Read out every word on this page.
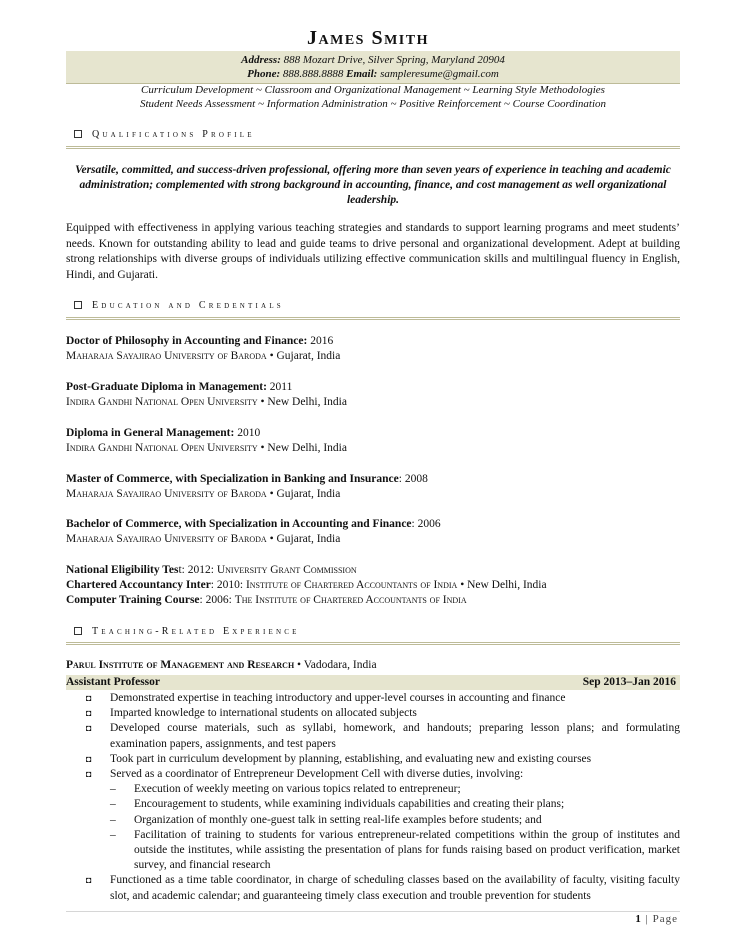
James Smith
Address: 888 Mozart Drive, Silver Spring, Maryland 20904
Phone: 888.888.8888 Email: sampleresume@gmail.com
Curriculum Development ~ Classroom and Organizational Management ~ Learning Style Methodologies
Student Needs Assessment ~ Information Administration ~ Positive Reinforcement ~ Course Coordination
Qualifications Profile
Versatile, committed, and success-driven professional, offering more than seven years of experience in teaching and academic administration; complemented with strong background in accounting, finance, and cost management as well organizational leadership.
Equipped with effectiveness in applying various teaching strategies and standards to support learning programs and meet students’ needs. Known for outstanding ability to lead and guide teams to drive personal and organizational development. Adept at building strong relationships with diverse groups of individuals utilizing effective communication skills and multilingual fluency in English, Hindi, and Gujarati.
Education and Credentials
Doctor of Philosophy in Accounting and Finance: 2016
Maharaja Sayajirao University of Baroda • Gujarat, India
Post-Graduate Diploma in Management: 2011
Indira Gandhi National Open University • New Delhi, India
Diploma in General Management: 2010
Indira Gandhi National Open University • New Delhi, India
Master of Commerce, with Specialization in Banking and Insurance: 2008
Maharaja Sayajirao University of Baroda • Gujarat, India
Bachelor of Commerce, with Specialization in Accounting and Finance: 2006
Maharaja Sayajirao University of Baroda • Gujarat, India
National Eligibility Test: 2012: University Grant Commission
Chartered Accountancy Inter: 2010: Institute of Chartered Accountants of India • New Delhi, India
Computer Training Course: 2006: The Institute of Chartered Accountants of India
Teaching-Related Experience
Parul Institute of Management and Research • Vadodara, India
Assistant Professor	Sep 2013–Jan 2016
◘ Demonstrated expertise in teaching introductory and upper-level courses in accounting and finance
◘ Imparted knowledge to international students on allocated subjects
◘ Developed course materials, such as syllabi, homework, and handouts; preparing lesson plans; and formulating examination papers, assignments, and test papers
◘ Took part in curriculum development by planning, establishing, and evaluating new and existing courses
◘ Served as a coordinator of Entrepreneur Development Cell with diverse duties, involving:
– Execution of weekly meeting on various topics related to entrepreneur;
– Encouragement to students, while examining individuals capabilities and creating their plans;
– Organization of monthly one-guest talk in setting real-life examples before students; and
– Facilitation of training to students for various entrepreneur-related competitions within the group of institutes and outside the institutes, while assisting the presentation of plans for funds raising based on product verification, market survey, and financial research
◘ Functioned as a time table coordinator, in charge of scheduling classes based on the availability of faculty, visiting faculty slot, and academic calendar; and guaranteeing timely class execution and trouble prevention for students
1 | Page
